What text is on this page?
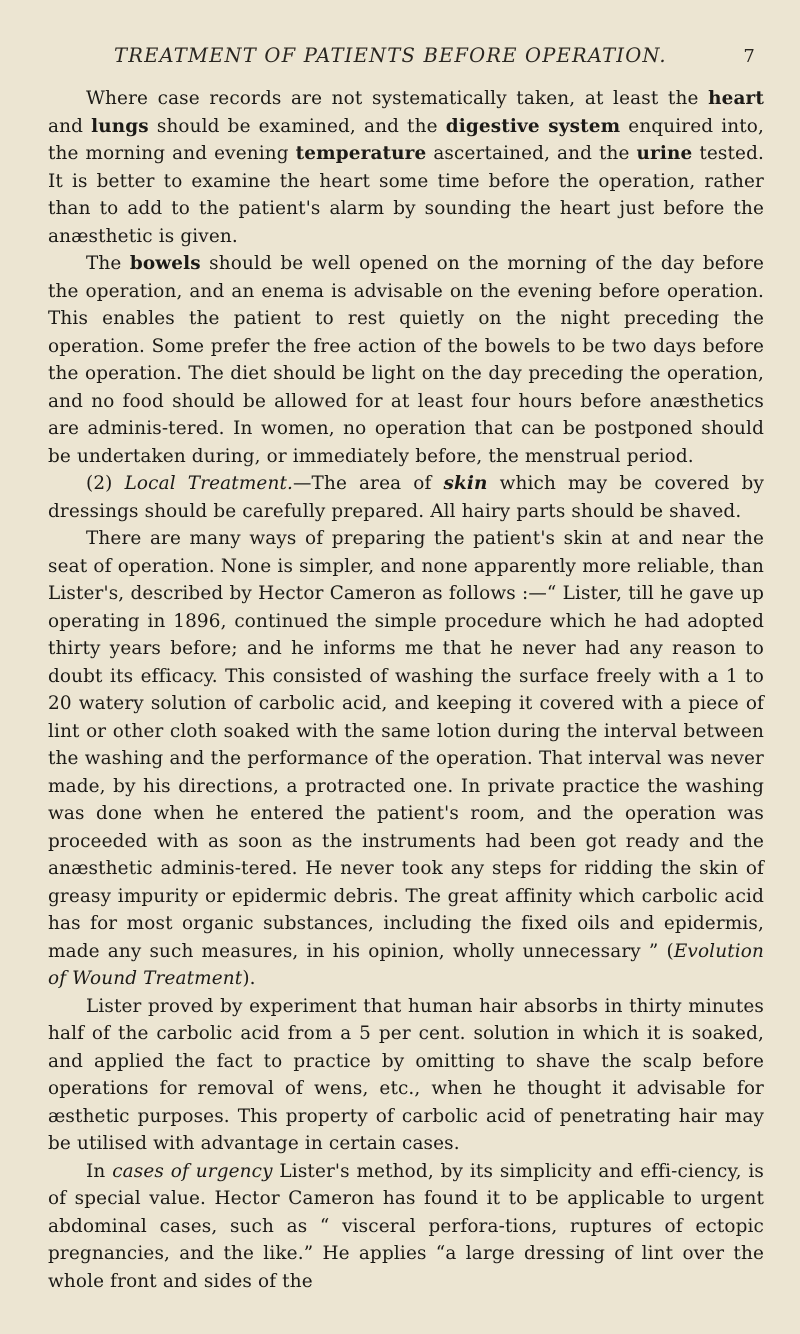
TREATMENT OF PATIENTS BEFORE OPERATION.	7

Where case records are not systematically taken, at least the heart and lungs should be examined, and the digestive system enquired into, the morning and evening temperature ascertained, and the urine tested. It is better to examine the heart some time before the operation, rather than to add to the patient's alarm by sounding the heart just before the anæsthetic is given.

The bowels should be well opened on the morning of the day before the operation, and an enema is advisable on the evening before operation. This enables the patient to rest quietly on the night preceding the operation. Some prefer the free action of the bowels to be two days before the operation. The diet should be light on the day preceding the operation, and no food should be allowed for at least four hours before anæsthetics are adminis-tered. In women, no operation that can be postponed should be undertaken during, or immediately before, the menstrual period.

(2) Local Treatment.—The area of skin which may be covered by dressings should be carefully prepared. All hairy parts should be shaved.

There are many ways of preparing the patient's skin at and near the seat of operation. None is simpler, and none apparently more reliable, than Lister's, described by Hector Cameron as follows :—“ Lister, till he gave up operating in 1896, continued the simple procedure which he had adopted thirty years before; and he informs me that he never had any reason to doubt its efficacy. This consisted of washing the surface freely with a 1 to 20 watery solution of carbolic acid, and keeping it covered with a piece of lint or other cloth soaked with the same lotion during the interval between the washing and the performance of the operation. That interval was never made, by his directions, a protracted one. In private practice the washing was done when he entered the patient's room, and the operation was proceeded with as soon as the instruments had been got ready and the anæsthetic adminis-tered. He never took any steps for ridding the skin of greasy impurity or epidermic debris. The great affinity which carbolic acid has for most organic substances, including the fixed oils and epidermis, made any such measures, in his opinion, wholly unnecessary ” (Evolution of Wound Treatment).

Lister proved by experiment that human hair absorbs in thirty minutes half of the carbolic acid from a 5 per cent. solution in which it is soaked, and applied the fact to practice by omitting to shave the scalp before operations for removal of wens, etc., when he thought it advisable for æsthetic purposes. This property of carbolic acid of penetrating hair may be utilised with advantage in certain cases.

In cases of urgency Lister's method, by its simplicity and effi-ciency, is of special value. Hector Cameron has found it to be applicable to urgent abdominal cases, such as “ visceral perfora-tions, ruptures of ectopic pregnancies, and the like.” He applies “a large dressing of lint over the whole front and sides of the
